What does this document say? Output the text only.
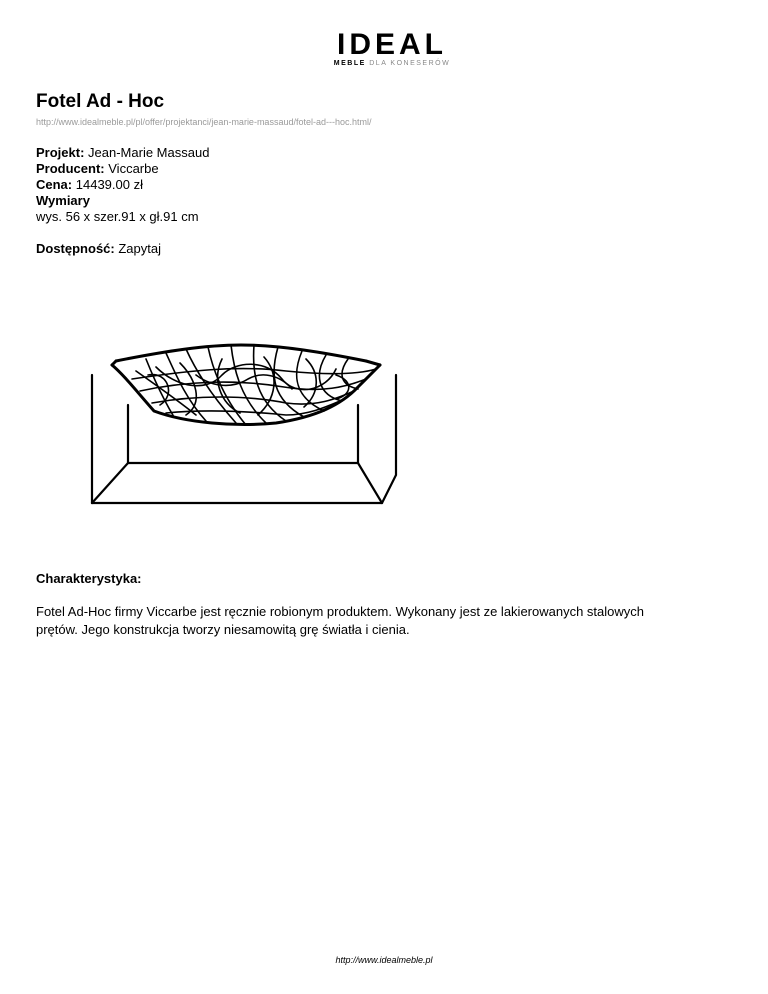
IDEAL
MEBLE DLA KONESERÓW
Fotel Ad - Hoc
http://www.idealmeble.pl/pl/offer/projektanci/jean-marie-massaud/fotel-ad---hoc.html/
Projekt: Jean-Marie Massaud
Producent: Viccarbe
Cena: 14439.00 zł
Wymiary
wys. 56 x szer.91 x gł.91 cm
Dostępność: Zapytaj
Charakterystyka:

Fotel Ad-Hoc firmy Viccarbe jest ręcznie robionym produktem. Wykonany jest ze lakierowanych stalowych prętów. Jego konstrukcja tworzy niesamowitą grę światła i cienia.

http://www.idealmeble.pl
